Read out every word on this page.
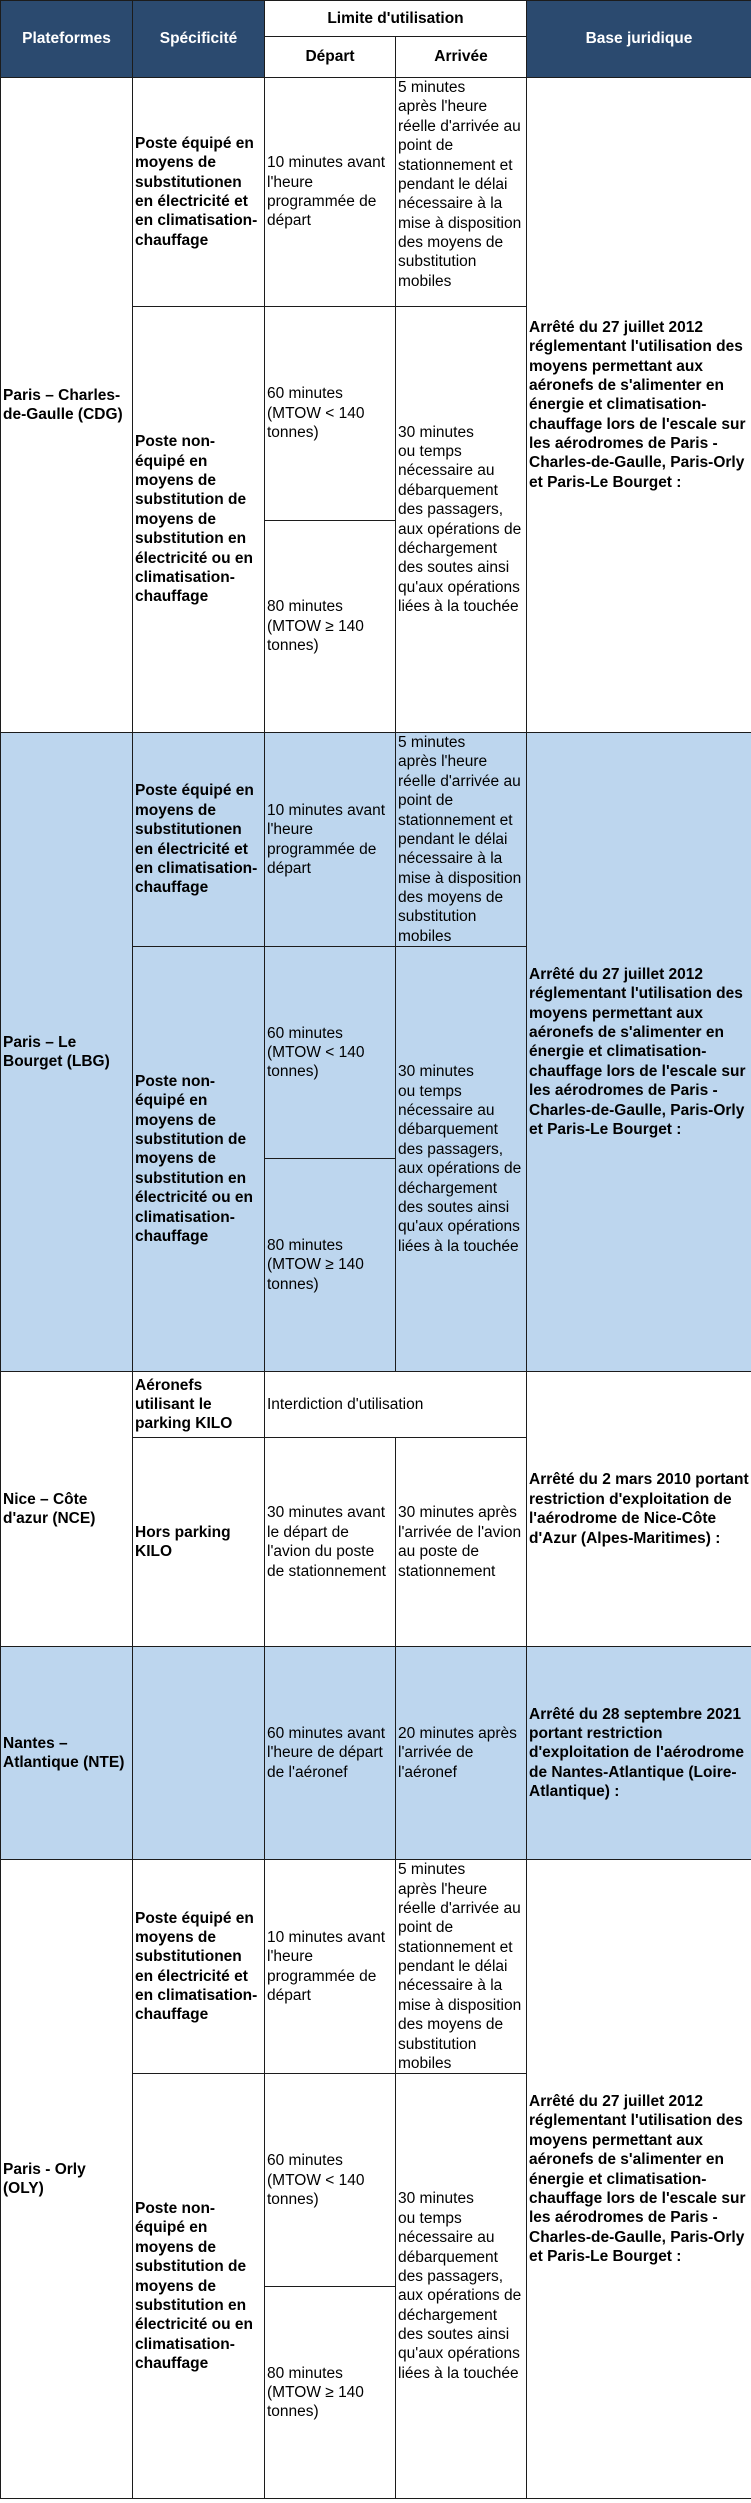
Plateformes	Spécificité	Limite d'utilisation		Base juridique
		Départ	Arrivée	
Paris – Charles-de-Gaulle (CDG)	Poste équipé en moyens de substitutionen en électricité et en climatisation-chauffage	10 minutes avant l'heure programmée de départ	5 minutes
après l'heure réelle d'arrivée au point de stationnement et pendant le délai nécessaire à la mise à disposition des moyens de substitution mobiles	Arrêté du 27 juillet 2012 réglementant l'utilisation des moyens permettant aux aéronefs de s'alimenter en énergie et climatisation-chauffage lors de l'escale sur les aérodromes de Paris - Charles-de-Gaulle, Paris-Orly et Paris-Le Bourget :
	Poste non-équipé en moyens de substitution de moyens de substitution en électricité ou en climatisation-chauffage	60 minutes (MTOW < 140 tonnes)	30 minutes
ou temps nécessaire au débarquement des passagers, aux opérations de déchargement des soutes ainsi qu'aux opérations liées à la touchée	
		80 minutes (MTOW ≥ 140 tonnes)		
Paris – Le Bourget (LBG)	Poste équipé en moyens de substitutionen en électricité et en climatisation-chauffage	10 minutes avant l'heure programmée de départ	5 minutes
après l'heure réelle d'arrivée au point de stationnement et pendant le délai nécessaire à la mise à disposition des moyens de substitution mobiles	Arrêté du 27 juillet 2012 réglementant l'utilisation des moyens permettant aux aéronefs de s'alimenter en énergie et climatisation-chauffage lors de l'escale sur les aérodromes de Paris - Charles-de-Gaulle, Paris-Orly et Paris-Le Bourget :
	Poste non-équipé en moyens de substitution de moyens de substitution en électricité ou en climatisation-chauffage	60 minutes (MTOW < 140 tonnes)	30 minutes
ou temps nécessaire au débarquement des passagers, aux opérations de déchargement des soutes ainsi qu'aux opérations liées à la touchée	
		80 minutes (MTOW ≥ 140 tonnes)		
Nice – Côte d'azur (NCE)	Aéronefs utilisant le parking KILO	Interdiction d'utilisation		Arrêté du 2 mars 2010 portant restriction d'exploitation de l'aérodrome de Nice-Côte d'Azur (Alpes-Maritimes) :
	Hors parking KILO	30 minutes avant le départ de l'avion du poste de stationnement	30 minutes après l'arrivée de l'avion au poste de stationnement	
Nantes – Atlantique (NTE)		60 minutes avant l'heure de départ de l'aéronef	20 minutes après l'arrivée de l'aéronef	Arrêté du 28 septembre 2021 portant restriction d'exploitation de l'aérodrome de Nantes-Atlantique (Loire-Atlantique) :
Paris - Orly (OLY)	Poste équipé en moyens de substitutionen en électricité et en climatisation-chauffage	10 minutes avant l'heure programmée de départ	5 minutes
après l'heure réelle d'arrivée au point de stationnement et pendant le délai nécessaire à la mise à disposition des moyens de substitution mobiles	Arrêté du 27 juillet 2012 réglementant l'utilisation des moyens permettant aux aéronefs de s'alimenter en énergie et climatisation-chauffage lors de l'escale sur les aérodromes de Paris - Charles-de-Gaulle, Paris-Orly et Paris-Le Bourget :
	Poste non-équipé en moyens de substitution de moyens de substitution en électricité ou en climatisation-chauffage	60 minutes (MTOW < 140 tonnes)	30 minutes
ou temps nécessaire au débarquement des passagers, aux opérations de déchargement des soutes ainsi qu'aux opérations liées à la touchée	
		80 minutes (MTOW ≥ 140 tonnes)		
